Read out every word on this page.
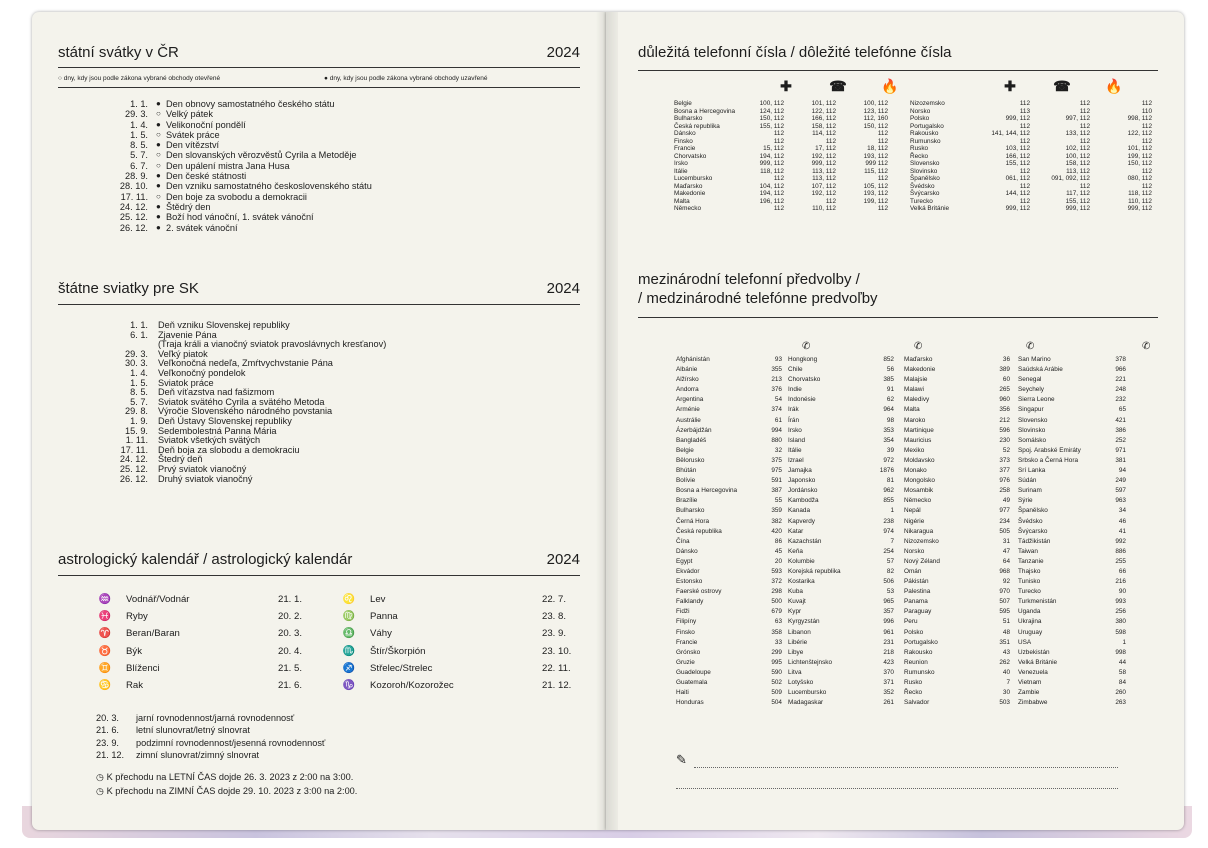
státní svátky v ČR	2024
○ dny, kdy jsou podle zákona vybrané obchody otevřené	● dny, kdy jsou podle zákona vybrané obchody uzavřené
1. 1. ● Den obnovy samostatného českého státu
29. 3. ○ Velký pátek
1. 4. ● Velikonoční pondělí
1. 5. ○ Svátek práce
8. 5. ● Den vítězství
5. 7. ○ Den slovanských věrozvěstů Cyrila a Metoděje
6. 7. ○ Den upálení mistra Jana Husa
28. 9. ● Den české státnosti
28. 10. ● Den vzniku samostatného československého státu
17. 11. ○ Den boje za svobodu a demokracii
24. 12. ● Štědrý den
25. 12. ● Boží hod vánoční, 1. svátek vánoční
26. 12. ● 2. svátek vánoční
štátne sviatky pre SK	2024
1. 1. Deň vzniku Slovenskej republiky
6. 1. Zjavenie Pána
(Traja králi a vianočný sviatok pravoslávnych kresťanov)
29. 3. Veľký piatok
30. 3. Veľkonočná nedeľa, Zmŕtvychvstanie Pána
1. 4. Veľkonočný pondelok
1. 5. Sviatok práce
8. 5. Deň víťazstva nad fašizmom
5. 7. Sviatok svätého Cyrila a svätého Metoda
29. 8. Výročie Slovenského národného povstania
1. 9. Deň Ústavy Slovenskej republiky
15. 9. Sedembolestná Panna Mária
1. 11. Sviatok všetkých svätých
17. 11. Deň boja za slobodu a demokraciu
24. 12. Štedrý deň
25. 12. Prvý sviatok vianočný
26. 12. Druhý sviatok vianočný
astrologický kalendář / astrologický kalendár	2024
♒ Vodnář/Vodnár	21. 1.
♓ Ryby	20. 2.
♈ Beran/Baran	20. 3.
♉ Býk	20. 4.
♊ Blíženci	21. 5.
♋ Rak	21. 6.
♌ Lev	22. 7.
♍ Panna	23. 8.
♎ Váhy	23. 9.
♏ Štír/Škorpión	23. 10.
♐ Střelec/Strelec	22. 11.
♑ Kozoroh/Kozorožec	21. 12.
20. 3.	jarní rovnodennost/jarná rovnodennosť
21. 6.	letní slunovrat/letný slnovrat
23. 9.	podzimní rovnodennost/jesenná rovnodennosť
21. 12.	zimní slunovrat/zimný slnovrat
◷ K přechodu na LETNÍ ČAS dojde 26. 3. 2023 z 2:00 na 3:00.
◷ K přechodu na ZIMNÍ ČAS dojde 29. 10. 2023 z 3:00 na 2:00.
důležitá telefonní čísla / dôležité telefónne čísla
✚	☎ 🔥	✚	☎ 🔥
Belgie	100, 112	101, 112	100, 112
Bosna a Hercegovina	124, 112	122, 112	123, 112
Bulharsko	150, 112	166, 112	112, 160
Česká republika	155, 112	158, 112	150, 112
Dánsko	112	114, 112	112
Finsko	112	112	112
Francie	15, 112	17, 112	18, 112
Chorvatsko	194, 112	192, 112	193, 112
Irsko	999, 112	999, 112	999 112
Itálie	118, 112	113, 112	115, 112
Lucembursko	112	113, 112	112
Maďarsko	104, 112	107, 112	105, 112
Makedonie	194, 112	192, 112	193, 112
Malta	196, 112	112	199, 112
Německo	112	110, 112	112
Nizozemsko	112	112	112
Norsko	113	112	110
Polsko	999, 112	997, 112	998, 112
Portugalsko	112	112	112
Rakousko	141, 144, 112	133, 112	122, 112
Rumunsko	112	112	112
Rusko	103, 112	102, 112	101, 112
Řecko	166, 112	100, 112	199, 112
Slovensko	155, 112	158, 112	150, 112
Slovinsko	112	113, 112	112
Španělsko	061, 112	091, 092, 112	080, 112
Švédsko	112	112	112
Švýcarsko	144, 112	117, 112	118, 112
Turecko	112	155, 112	110, 112
Velká Británie	999, 112	999, 112	999, 112
mezinárodní telefonní předvolby /
/ medzinárodné telefónne predvoľby
✆	✆	✆	✆
Afghánistán	93
Albánie	355
Alžírsko	213
Andorra	376
Argentina	54
Arménie	374
Austrálie	61
Ázerbájdžán	994
Bangladéš	880
Belgie	32
Bělorusko	375
Bhútán	975
Bolívie	591
Bosna a Hercegovina	387
Brazílie	55
Bulharsko	359
Černá Hora	382
Česká republika	420
Čína	86
Dánsko	45
Egypt	20
Ekvádor	593
Estonsko	372
Faerské ostrovy	298
Falklandy	500
Fidži	679
Filipíny	63
Finsko	358
Francie	33
Grónsko	299
Gruzie	995
Guadeloupe	590
Guatemala	502
Haiti	509
Honduras	504
Hongkong	852
Chile	56
Chorvatsko	385
Indie	91
Indonésie	62
Irák	964
Írán	98
Irsko	353
Island	354
Itálie	39
Izrael	972
Jamajka	1876
Japonsko	81
Jordánsko	962
Kambodža	855
Kanada	1
Kapverdy	238
Katar	974
Kazachstán	7
Keňa	254
Kolumbie	57
Korejská republika	82
Kostarika	506
Kuba	53
Kuvajt	965
Kypr	357
Kyrgyzstán	996
Libanon	961
Libérie	231
Libye	218
Lichtenštejnsko	423
Litva	370
Lotyšsko	371
Lucembursko	352
Madagaskar	261
Maďarsko	36
Makedonie	389
Malajsie	60
Malawi	265
Maledivy	960
Malta	356
Maroko	212
Martinique	596
Mauricius	230
Mexiko	52
Moldavsko	373
Monako	377
Mongolsko	976
Mosambik	258
Německo	49
Nepál	977
Nigérie	234
Nikaragua	505
Nizozemsko	31
Norsko	47
Nový Zéland	64
Omán	968
Pákistán	92
Palestina	970
Panama	507
Paraguay	595
Peru	51
Polsko	48
Portugalsko	351
Rakousko	43
Reunion	262
Rumunsko	40
Rusko	7
Řecko	30
Salvador	503
San Marino	378
Saúdská Arábie	966
Senegal	221
Seychely	248
Sierra Leone	232
Singapur	65
Slovensko	421
Slovinsko	386
Somálsko	252
Spoj. Arabské Emiráty	971
Srbsko a Černá Hora	381
Srí Lanka	94
Súdán	249
Surinam	597
Sýrie	963
Španělsko	34
Švédsko	46
Švýcarsko	41
Tádžikistán	992
Taiwan	886
Tanzanie	255
Thajsko	66
Tunisko	216
Turecko	90
Turkmenistán	993
Uganda	256
Ukrajina	380
Uruguay	598
USA	1
Uzbekistán	998
Velká Británie	44
Venezuela	58
Vietnam	84
Zambie	260
Zimbabwe	263
✎
